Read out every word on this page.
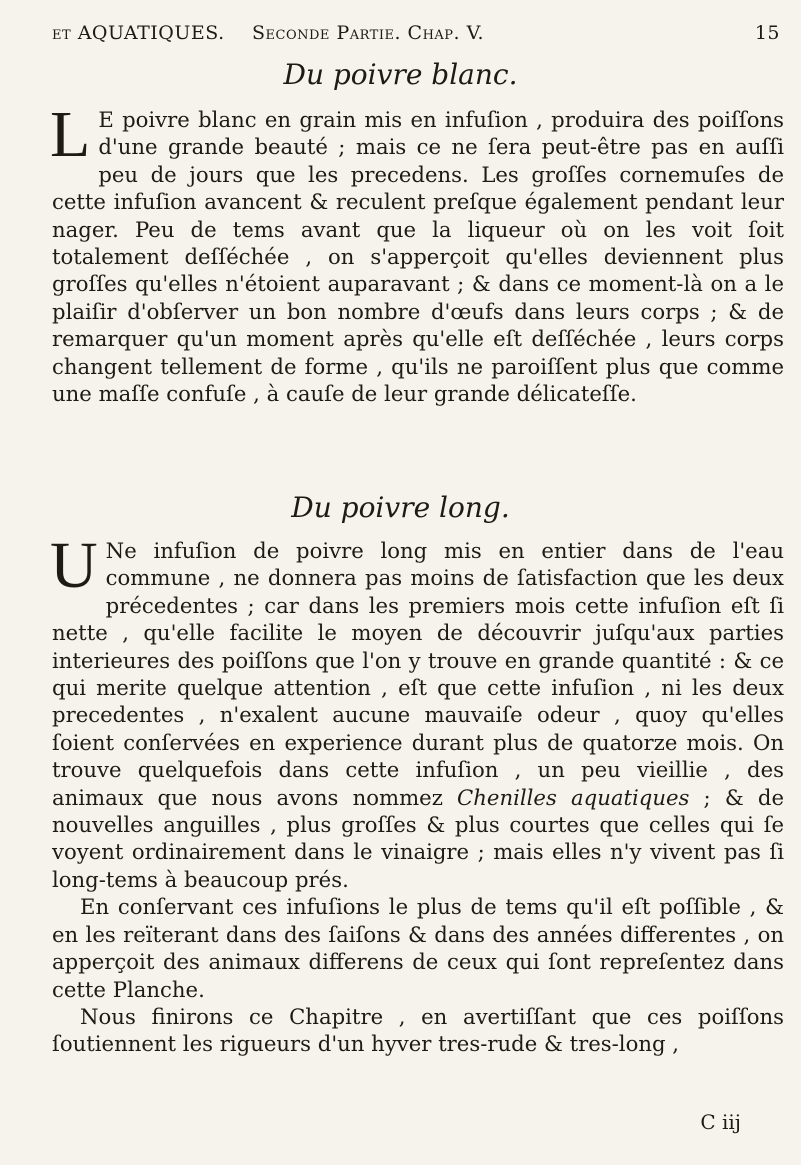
et AQUATIQUES. Seconde Partie. Chap. V.	15
Du poivre blanc.

L E poivre blanc en grain mis en infuſion , produira des poiſſons d'une grande beauté ; mais ce ne ſera peut-être pas en auſſi peu de jours que les precedens. Les groſſes cornemuſes de cette infuſion avancent & reculent preſque également pendant leur nager. Peu de tems avant que la liqueur où on les voit ſoit totalement deſſéchée , on s'apperçoit qu'elles deviennent plus groſſes qu'elles n'étoient auparavant ; & dans ce moment-là on a le plaiſir d'obſerver un bon nombre d'œufs dans leurs corps ; & de remarquer qu'un moment après qu'elle eſt deſſéchée , leurs corps changent tellement de forme , qu'ils ne paroiſſent plus que comme une maſſe confuſe , à cauſe de leur grande délicateſſe.

Du poivre long.

U Ne infuſion de poivre long mis en entier dans de l'eau commune , ne donnera pas moins de ſatisfaction que les deux précedentes ; car dans les premiers mois cette infuſion eſt ſi nette , qu'elle facilite le moyen de découvrir juſqu'aux parties interieures des poiſſons que l'on y trouve en grande quantité : & ce qui merite quelque attention , eſt que cette infuſion , ni les deux precedentes , n'exalent aucune mauvaiſe odeur , quoy qu'elles ſoient conſervées en experience durant plus de quatorze mois. On trouve quelquefois dans cette infuſion , un peu vieillie , des animaux que nous avons nommez Chenilles aquatiques ; & de nouvelles anguilles , plus groſſes & plus courtes que celles qui ſe voyent ordinairement dans le vinaigre ; mais elles n'y vivent pas ſi long-tems à beaucoup prés.

En conſervant ces infuſions le plus de tems qu'il eſt poſſible , & en les reïterant dans des ſaiſons & dans des années differentes , on apperçoit des animaux differens de ceux qui ſont repreſentez dans cette Planche.

Nous finirons ce Chapitre , en avertiſſant que ces poiſſons ſoutiennent les rigueurs d'un hyver tres-rude & tres-long ,

C iij
